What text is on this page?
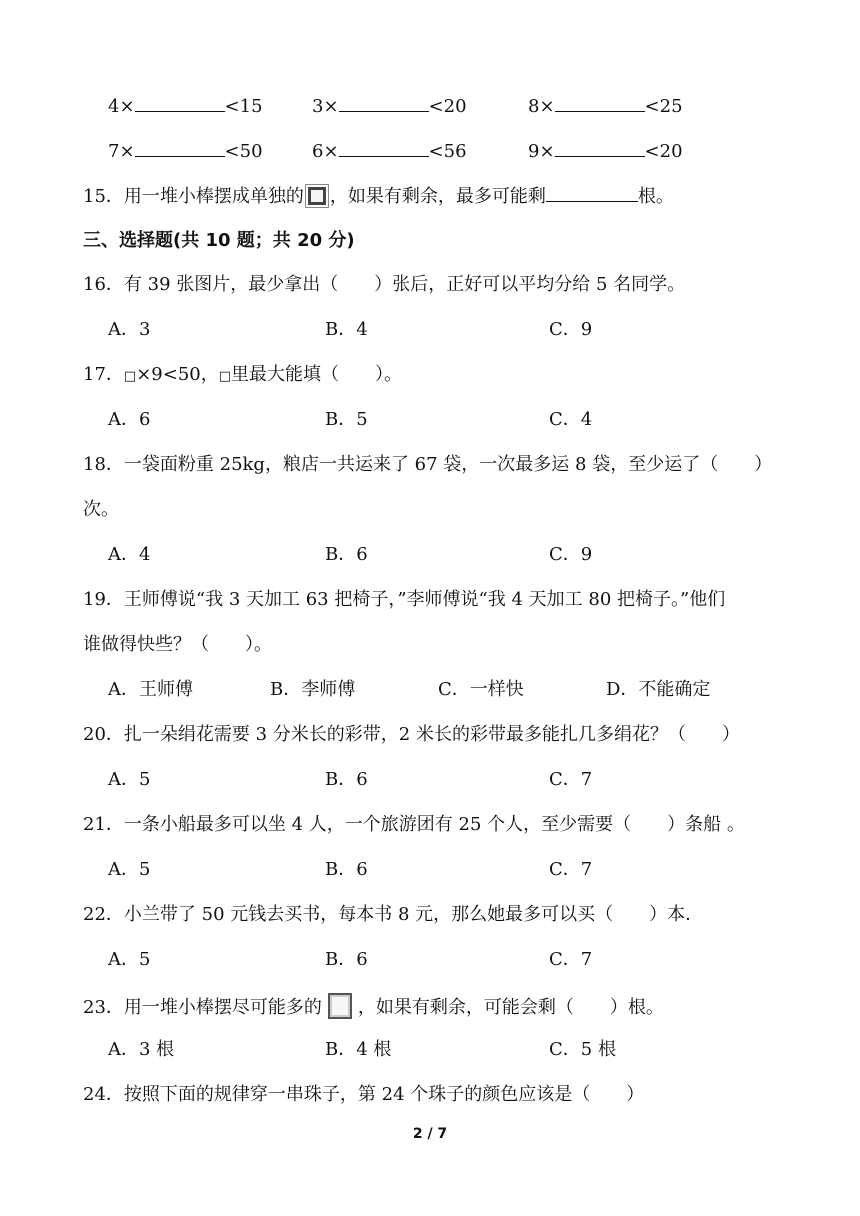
4×	<15	3×	<20	8×	<25
7×	<50	6×	<56	9×	<20
15．用一堆小棒摆成单独的 ，如果有剩余，最多可能剩	根。
三、选择题(共 10 题；共 20 分)
16．有 39 张图片，最少拿出（　　）张后，正好可以平均分给 5 名同学。
A．3	B．4	C．9
17．□×9<50，□里最大能填（　　）。
A．6	B．5	C．4
18．一袋面粉重 25kg，粮店一共运来了 67 袋，一次最多运 8 袋，至少运了（　　）
次。
A．4	B．6	C．9
19．王师傅说“我 3 天加工 63 把椅子，”李师傅说“我 4 天加工 80 把椅子。”他们
谁做得快些？（　　）。
A．王师傅	B．李师傅	C．一样快	D．不能确定
20．扎一朵绢花需要 3 分米长的彩带，2 米长的彩带最多能扎几多绢花？（　　）
A．5	B．6	C．7
21．一条小船最多可以坐 4 人，一个旅游团有 25 个人，至少需要（　　）条船 。
A．5	B．6	C．7
22．小兰带了 50 元钱去买书，每本书 8 元，那么她最多可以买（　　）本．
A．5	B．6	C．7
23．用一堆小棒摆尽可能多的 ，如果有剩余，可能会剩（　　）根。
A．3 根	B．4 根	C．5 根
24．按照下面的规律穿一串珠子，第 24 个珠子的颜色应该是（　　）
2 / 7
